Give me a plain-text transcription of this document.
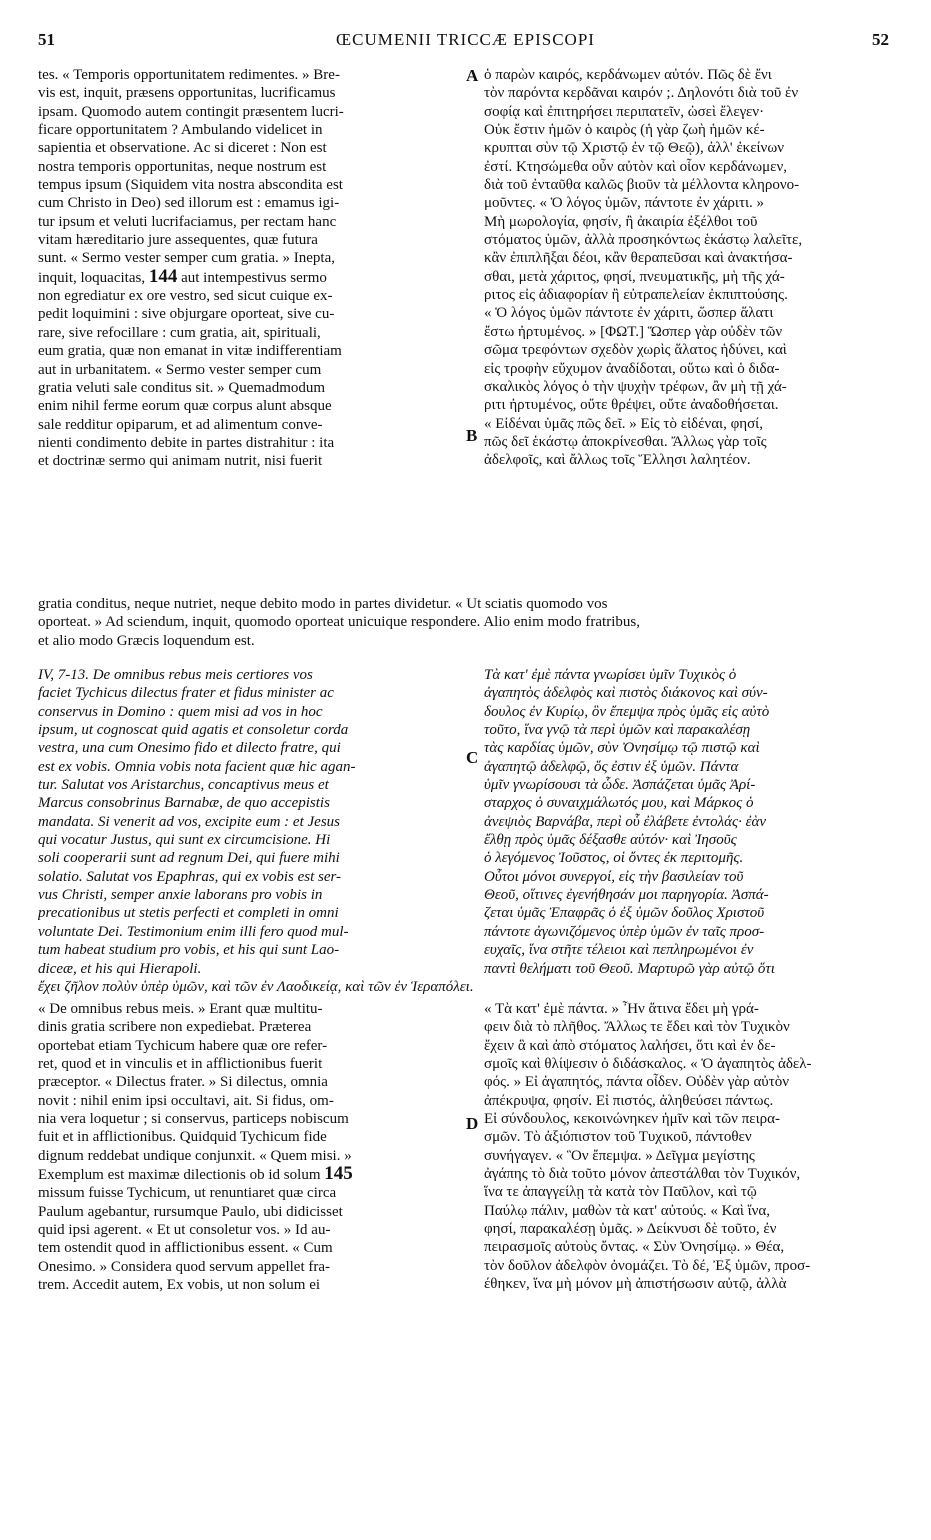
51	ŒCUMENII TRICCÆ EPISCOPI	52
A
B
C
D
tes. « Temporis opportunitatem redimentes. » Bre-
vis est, inquit, præsens opportunitas, lucrificamus
ipsam. Quomodo autem contingit præsentem lucri-
ficare opportunitatem ? Ambulando videlicet in
sapientia et observatione. Ac si diceret : Non est
nostra temporis opportunitas, neque nostrum est
tempus ipsum (Siquidem vita nostra abscondita est
cum Christo in Deo) sed illorum est : emamus igi-
tur ipsum et veluti lucrifaciamus, per rectam hanc
vitam hæreditario jure assequentes, quæ futura
sunt. « Sermo vester semper cum gratia. » Inepta,
inquit, loquacitas, 144 aut intempestivus sermo
non egrediatur ex ore vestro, sed sicut cuique ex-
pedit loquimini : sive objurgare oporteat, sive cu-
rare, sive refocillare : cum gratia, ait, spirituali,
eum gratia, quæ non emanat in vitæ indifferentiam
aut in urbanitatem. « Sermo vester semper cum
gratia veluti sale conditus sit. » Quemadmodum
enim nihil ferme eorum quæ corpus alunt absque
sale redditur opiparum, et ad alimentum conve-
nienti condimento debite in partes distrahitur : ita
et doctrinæ sermo qui animam nutrit, nisi fuerit
ὁ παρὼν καιρός, κερδάνωμεν αὐτόν. Πῶς δὲ ἔνι
τὸν παρόντα κερδᾶναι καιρόν ;. Δηλονότι διὰ τοῦ ἐν
σοφίᾳ καὶ ἐπιτηρήσει περιπατεῖν, ὡσεὶ ἔλεγεν·
Οὐκ ἔστιν ἡμῶν ὁ καιρὸς (ἡ γὰρ ζωὴ ἡμῶν κέ-
κρυπται σὺν τῷ Χριστῷ ἐν τῷ Θεῷ), ἀλλ' ἐκείνων
ἐστί. Κτησώμεθα οὖν αὐτὸν καὶ οἷον κερδάνωμεν,
διὰ τοῦ ἐνταῦθα καλῶς βιοῦν τὰ μέλλοντα κληρονο-
μοῦντες. « Ὁ λόγος ὑμῶν, πάντοτε ἐν χάριτι. »
Μὴ μωρολογία, φησίν, ἢ ἀκαιρία ἐξέλθοι τοῦ
στόματος ὑμῶν, ἀλλὰ προσηκόντως ἑκάστῳ λαλεῖτε,
κἂν ἐπιπλῆξαι δέοι, κἂν θεραπεῦσαι καὶ ἀνακτήσα-
σθαι, μετὰ χάριτος, φησί, πνευματικῆς, μὴ τῆς χά-
ριτος εἰς ἀδιαφορίαν ἢ εὐτραπελείαν ἐκπιπτούσης.
« Ὁ λόγος ὑμῶν πάντοτε ἐν χάριτι, ὥσπερ ἅλατι
ἔστω ἠρτυμένος. » [ΦΩΤ.] Ὥσπερ γὰρ οὐδὲν τῶν
σῶμα τρεφόντων σχεδὸν χωρὶς ἅλατος ἡδύνει, καὶ
εἰς τροφὴν εὔχυμον ἀναδίδοται, οὕτω καὶ ὁ διδα-
σκαλικὸς λόγος ὁ τὴν ψυχὴν τρέφων, ἂν μὴ τῇ χά-
ριτι ἠρτυμένος, οὔτε θρέψει, οὔτε ἀναδοθήσεται.
« Εἰδέναι ὑμᾶς πῶς δεῖ. » Εἰς τὸ εἰδέναι, φησί,
πῶς δεῖ ἑκάστῳ ἀποκρίνεσθαι. Ἄλλως γὰρ τοῖς
ἀδελφοῖς, καὶ ἄλλως τοῖς Ἕλλησι λαλητέον.
gratia conditus, neque nutriet, neque debito modo in partes dividetur. « Ut sciatis quomodo vos
oporteat. » Ad sciendum, inquit, quomodo oporteat unicuique respondere. Alio enim modo fratribus,
et alio modo Græcis loquendum est.
IV, 7-13. De omnibus rebus meis certiores vos
faciet Tychicus dilectus frater et fidus minister ac
conservus in Domino : quem misi ad vos in hoc
ipsum, ut cognoscat quid agatis et consoletur corda
vestra, una cum Onesimo fido et dilecto fratre, qui
est ex vobis. Omnia vobis nota facient quæ hic agan-
tur. Salutat vos Aristarchus, concaptivus meus et
Marcus consobrinus Barnabæ, de quo accepistis
mandata. Si venerit ad vos, excipite eum : et Jesus
qui vocatur Justus, qui sunt ex circumcisione. Hi
soli cooperarii sunt ad regnum Dei, qui fuere mihi
solatio. Salutat vos Epaphras, qui ex vobis est ser-
vus Christi, semper anxie laborans pro vobis in
precationibus ut stetis perfecti et completi in omni
voluntate Dei. Testimonium enim illi fero quod mul-
tum habeat studium pro vobis, et his qui sunt Lao-
diceæ, et his qui Hierapoli.
Τὰ κατ' ἐμὲ πάντα γνωρίσει ὑμῖν Τυχικὸς ὁ
ἀγαπητὸς ἀδελφὸς καὶ πιστὸς διάκονος καὶ σύν-
δουλος ἐν Κυρίῳ, ὃν ἔπεμψα πρὸς ὑμᾶς εἰς αὐτὸ
τοῦτο, ἵνα γνῷ τὰ περὶ ὑμῶν καὶ παρακαλέσῃ
τὰς καρδίας ὑμῶν, σὺν Ὀνησίμῳ τῷ πιστῷ καὶ
ἀγαπητῷ ἀδελφῷ, ὅς ἐστιν ἐξ ὑμῶν. Πάντα
ὑμῖν γνωρίσουσι τὰ ὧδε. Ἀσπάζεται ὑμᾶς Ἀρί-
σταρχος ὁ συναιχμάλωτός μου, καὶ Μάρκος ὁ
ἀνεψιὸς Βαρνάβα, περὶ οὗ ἐλάβετε ἐντολάς· ἐὰν
ἔλθῃ πρὸς ὑμᾶς δέξασθε αὐτόν· καὶ Ἰησοῦς
ὁ λεγόμενος Ἰοῦστος, οἱ ὄντες ἐκ περιτομῆς.
Οὗτοι μόνοι συνεργοί, εἰς τὴν βασιλείαν τοῦ
Θεοῦ, οἵτινες ἐγενήθησάν μοι παρηγορία. Ἀσπά-
ζεται ὑμᾶς Ἐπαφρᾶς ὁ ἐξ ὑμῶν δοῦλος Χριστοῦ
πάντοτε ἀγωνιζόμενος ὑπὲρ ὑμῶν ἐν ταῖς προσ-
ευχαῖς, ἵνα στῆτε τέλειοι καὶ πεπληρωμένοι ἐν
παντὶ θελήματι τοῦ Θεοῦ. Μαρτυρῶ γὰρ αὐτῷ ὅτι
ἔχει ζῆλον πολὺν ὑπὲρ ὑμῶν, καὶ τῶν ἐν Λαοδικείᾳ, καὶ τῶν ἐν Ἱεραπόλει.
« De omnibus rebus meis. » Erant quæ multitu-
dinis gratia scribere non expediebat. Præterea
oportebat etiam Tychicum habere quæ ore refer-
ret, quod et in vinculis et in afflictionibus fuerit
præceptor. « Dilectus frater. » Si dilectus, omnia
novit : nihil enim ipsi occultavi, ait. Si fidus, om-
nia vera loquetur ; si conservus, particeps nobiscum
fuit et in afflictionibus. Quidquid Tychicum fide
dignum reddebat undique conjunxit. « Quem misi. »
Exemplum est maximæ dilectionis ob id solum 145
missum fuisse Tychicum, ut renuntiaret quæ circa
Paulum agebantur, rursumque Paulo, ubi didicisset
quid ipsi agerent. « Et ut consoletur vos. » Id au-
tem ostendit quod in afflictionibus essent. « Cum
Onesimo. » Considera quod servum appellet fra-
trem. Accedit autem, Ex vobis, ut non solum ei
« Τὰ κατ' ἐμὲ πάντα. » Ἦν ἅτινα ἔδει μὴ γρά-
φειν διὰ τὸ πλῆθος. Ἄλλως τε ἔδει καὶ τὸν Τυχικὸν
ἔχειν ἃ καὶ ἀπὸ στόματος λαλήσει, ὅτι καὶ ἐν δε-
σμοῖς καὶ θλίψεσιν ὁ διδάσκαλος. « Ὁ ἀγαπητὸς ἀδελ-
φός. » Εἰ ἀγαπητός, πάντα οἶδεν. Οὐδὲν γὰρ αὐτὸν
ἀπέκρυψα, φησίν. Εἰ πιστός, ἀληθεύσει πάντως.
Εἰ σύνδουλος, κεκοινώνηκεν ἡμῖν καὶ τῶν πειρα-
σμῶν. Τὸ ἀξιόπιστον τοῦ Τυχικοῦ, πάντοθεν
συνήγαγεν. « Ὃν ἔπεμψα. » Δεῖγμα μεγίστης
ἀγάπης τὸ διὰ τοῦτο μόνον ἀπεστάλθαι τὸν Τυχικόν,
ἵνα τε ἀπαγγείλῃ τὰ κατὰ τὸν Παῦλον, καὶ τῷ
Παύλῳ πάλιν, μαθὼν τὰ κατ' αὐτούς. « Καὶ ἵνα,
φησί, παρακαλέσῃ ὑμᾶς. » Δείκνυσι δὲ τοῦτο, ἐν
πειρασμοῖς αὐτοὺς ὄντας. « Σὺν Ὀνησίμῳ. » Θέα,
τὸν δοῦλον ἀδελφὸν ὀνομάζει. Τὸ δέ, Ἐξ ὑμῶν, προσ-
έθηκεν, ἵνα μὴ μόνον μὴ ἀπιστήσωσιν αὐτῷ, ἀλλὰ
